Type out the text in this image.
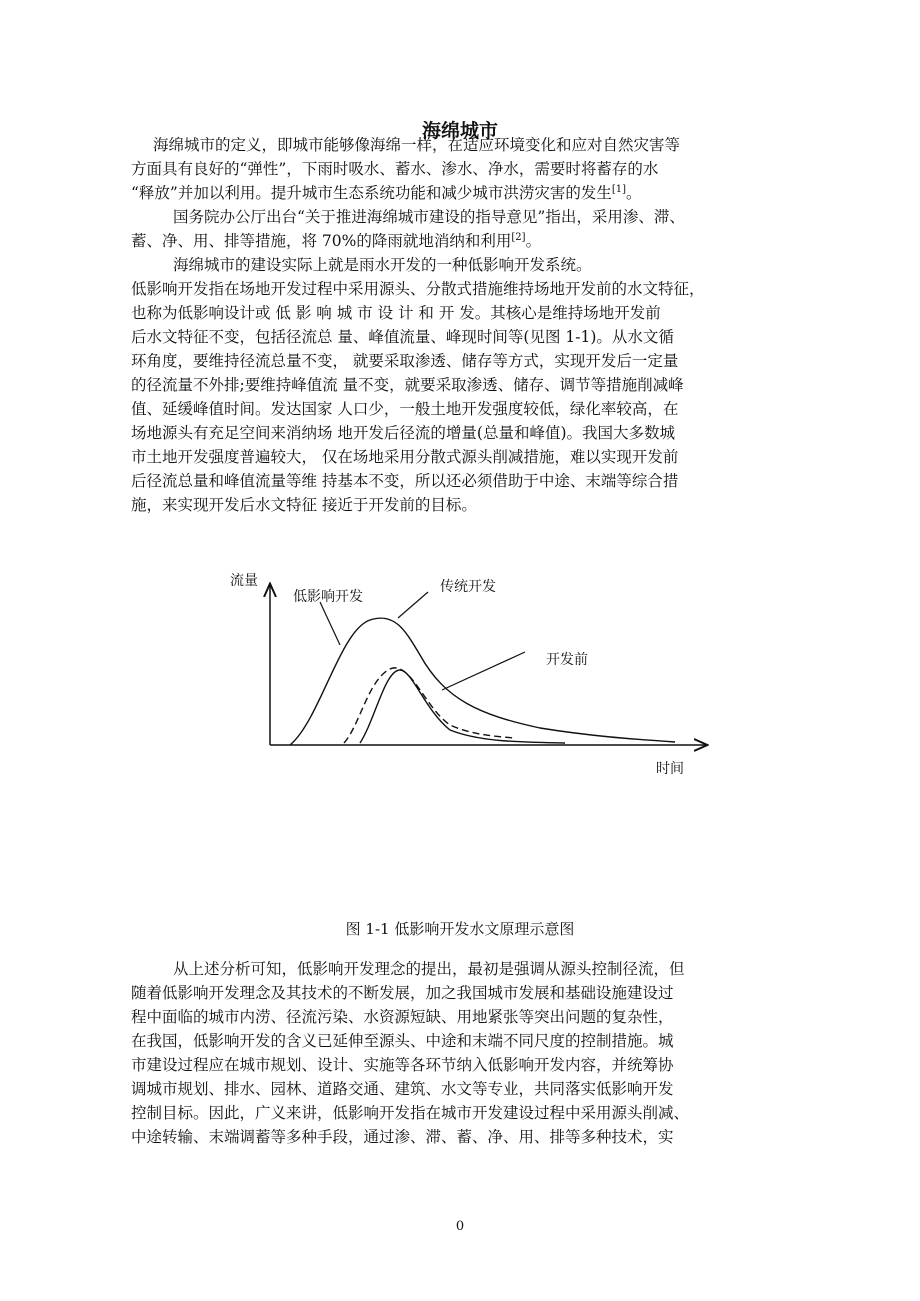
海绵城市
海绵城市的定义，即城市能够像海绵一样，在适应环境变化和应对自然灾害等
方面具有良好的“弹性”，下雨时吸水、蓄水、渗水、净水，需要时将蓄存的水
“释放”并加以利用。提升城市生态系统功能和减少城市洪涝灾害的发生[1]。
国务院办公厅出台“关于推进海绵城市建设的指导意见”指出，采用渗、滞、
蓄、净、用、排等措施，将 70%的降雨就地消纳和利用[2]。
海绵城市的建设实际上就是雨水开发的一种低影响开发系统。
低影响开发指在场地开发过程中采用源头、分散式措施维持场地开发前的水文特征，
也称为低影响设计或 低 影 响 城 市 设 计 和 开 发。其核心是维持场地开发前
后水文特征不变，包括径流总 量、峰值流量、峰现时间等(见图 1-1)。从水文循
环角度，要维持径流总量不变， 就要采取渗透、储存等方式，实现开发后一定量
的径流量不外排;要维持峰值流 量不变，就要采取渗透、储存、调节等措施削减峰
值、延缓峰值时间。发达国家 人口少，一般土地开发强度较低，绿化率较高，在
场地源头有充足空间来消纳场 地开发后径流的增量(总量和峰值)。我国大多数城
市土地开发强度普遍较大， 仅在场地采用分散式源头削减措施，难以实现开发前
后径流总量和峰值流量等维 持基本不变，所以还必须借助于中途、末端等综合措
施，来实现开发后水文特征 接近于开发前的目标。
从上述分析可知，低影响开发理念的提出，最初是强调从源头控制径流，但
随着低影响开发理念及其技术的不断发展，加之我国城市发展和基础设施建设过
程中面临的城市内涝、径流污染、水资源短缺、用地紧张等突出问题的复杂性，
在我国，低影响开发的含义已延伸至源头、中途和末端不同尺度的控制措施。城
市建设过程应在城市规划、设计、实施等各环节纳入低影响开发内容，并统筹协
调城市规划、排水、园林、道路交通、建筑、水文等专业，共同落实低影响开发
控制目标。因此，广义来讲，低影响开发指在城市开发建设过程中采用源头削减、
中途转输、末端调蓄等多种手段，通过渗、滞、蓄、净、用、排等多种技术，实
流量
时间
低影响开发
传统开发
开发前
图 1-1 低影响开发水文原理示意图
0
